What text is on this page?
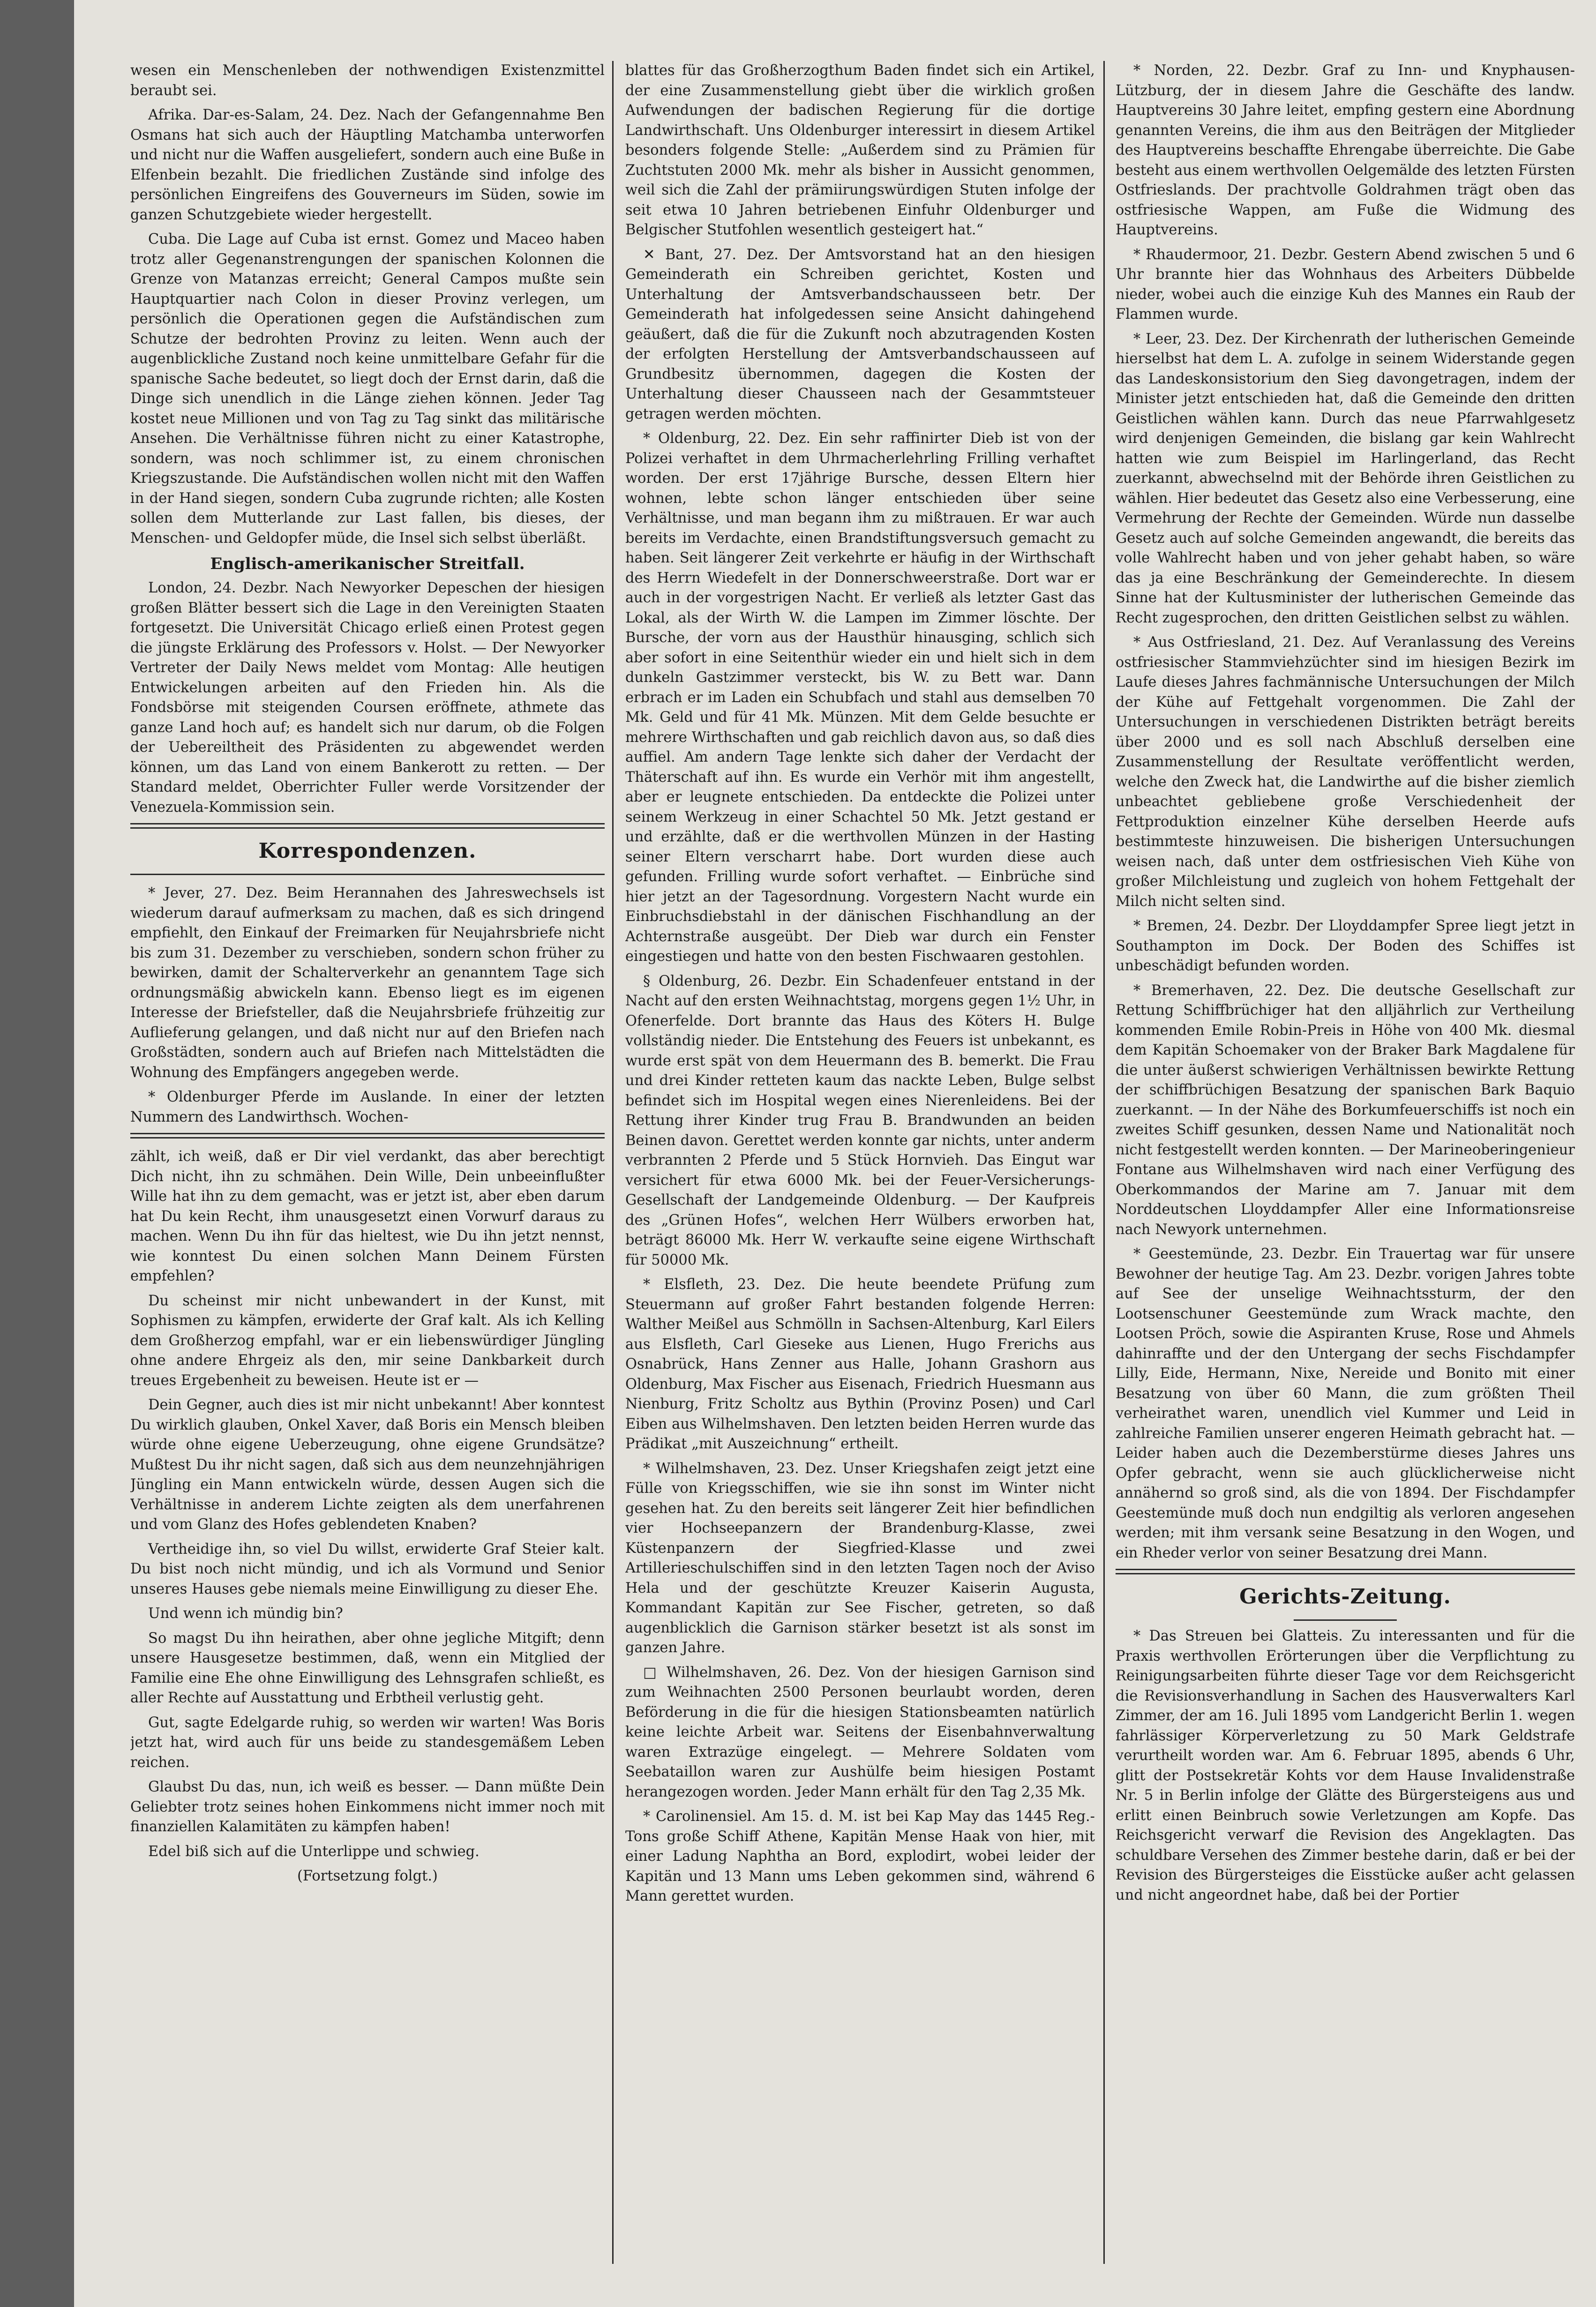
wesen ein Menschenleben der nothwendigen Existenzmittel beraubt sei.

Afrika. Dar-es-Salam, 24. Dez. Nach der Gefangennahme Ben Osmans hat sich auch der Häuptling Matchamba unterworfen und nicht nur die Waffen ausgeliefert, sondern auch eine Buße in Elfenbein bezahlt. Die friedlichen Zustände sind infolge des persönlichen Eingreifens des Gouverneurs im Süden, sowie im ganzen Schutzgebiete wieder hergestellt.

Cuba. Die Lage auf Cuba ist ernst. Gomez und Maceo haben trotz aller Gegenanstrengungen der spanischen Kolonnen die Grenze von Matanzas erreicht; General Campos mußte sein Hauptquartier nach Colon in dieser Provinz verlegen, um persönlich die Operationen gegen die Aufständischen zum Schutze der bedrohten Provinz zu leiten. Wenn auch der augenblickliche Zustand noch keine unmittelbare Gefahr für die spanische Sache bedeutet, so liegt doch der Ernst darin, daß die Dinge sich unendlich in die Länge ziehen können. Jeder Tag kostet neue Millionen und von Tag zu Tag sinkt das militärische Ansehen. Die Verhältnisse führen nicht zu einer Katastrophe, sondern, was noch schlimmer ist, zu einem chronischen Kriegszustande. Die Aufständischen wollen nicht mit den Waffen in der Hand siegen, sondern Cuba zugrunde richten; alle Kosten sollen dem Mutterlande zur Last fallen, bis dieses, der Menschen- und Geldopfer müde, die Insel sich selbst überläßt.

Englisch-amerikanischer Streitfall.

London, 24. Dezbr. Nach Newyorker Depeschen der hiesigen großen Blätter bessert sich die Lage in den Vereinigten Staaten fortgesetzt. Die Universität Chicago erließ einen Protest gegen die jüngste Erklärung des Professors v. Holst. — Der Newyorker Vertreter der Daily News meldet vom Montag: Alle heutigen Entwickelungen arbeiten auf den Frieden hin. Als die Fondsbörse mit steigenden Coursen eröffnete, athmete das ganze Land hoch auf; es handelt sich nur darum, ob die Folgen der Uebereiltheit des Präsidenten zu abgewendet werden können, um das Land von einem Bankerott zu retten. — Der Standard meldet, Oberrichter Fuller werde Vorsitzender der Venezuela-Kommission sein.

Korrespondenzen.

* Jever, 27. Dez. Beim Herannahen des Jahreswechsels ist wiederum darauf aufmerksam zu machen, daß es sich dringend empfiehlt, den Einkauf der Freimarken für Neujahrsbriefe nicht bis zum 31. Dezember zu verschieben, sondern schon früher zu bewirken, damit der Schalterverkehr an genanntem Tage sich ordnungsmäßig abwickeln kann. Ebenso liegt es im eigenen Interesse der Briefsteller, daß die Neujahrsbriefe frühzeitig zur Auflieferung gelangen, und daß nicht nur auf den Briefen nach Großstädten, sondern auch auf Briefen nach Mittelstädten die Wohnung des Empfängers angegeben werde.

* Oldenburger Pferde im Auslande. In einer der letzten Nummern des Landwirthsch. Wochen-

zählt, ich weiß, daß er Dir viel verdankt, das aber berechtigt Dich nicht, ihn zu schmähen. Dein Wille, Dein unbeeinflußter Wille hat ihn zu dem gemacht, was er jetzt ist, aber eben darum hat Du kein Recht, ihm unausgesetzt einen Vorwurf daraus zu machen. Wenn Du ihn für das hieltest, wie Du ihn jetzt nennst, wie konntest Du einen solchen Mann Deinem Fürsten empfehlen?

Du scheinst mir nicht unbewandert in der Kunst, mit Sophismen zu kämpfen, erwiderte der Graf kalt. Als ich Kelling dem Großherzog empfahl, war er ein liebenswürdiger Jüngling ohne andere Ehrgeiz als den, mir seine Dankbarkeit durch treues Ergebenheit zu beweisen. Heute ist er —

Dein Gegner, auch dies ist mir nicht unbekannt! Aber konntest Du wirklich glauben, Onkel Xaver, daß Boris ein Mensch bleiben würde ohne eigene Ueberzeugung, ohne eigene Grundsätze? Mußtest Du ihr nicht sagen, daß sich aus dem neunzehnjährigen Jüngling ein Mann entwickeln würde, dessen Augen sich die Verhältnisse in anderem Lichte zeigten als dem unerfahrenen und vom Glanz des Hofes geblendeten Knaben?

Vertheidige ihn, so viel Du willst, erwiderte Graf Steier kalt. Du bist noch nicht mündig, und ich als Vormund und Senior unseres Hauses gebe niemals meine Einwilligung zu dieser Ehe.

Und wenn ich mündig bin?

So magst Du ihn heirathen, aber ohne jegliche Mitgift; denn unsere Hausgesetze bestimmen, daß, wenn ein Mitglied der Familie eine Ehe ohne Einwilligung des Lehnsgrafen schließt, es aller Rechte auf Ausstattung und Erbtheil verlustig geht.

Gut, sagte Edelgarde ruhig, so werden wir warten! Was Boris jetzt hat, wird auch für uns beide zu standesgemäßem Leben reichen.

Glaubst Du das, nun, ich weiß es besser. — Dann müßte Dein Geliebter trotz seines hohen Einkommens nicht immer noch mit finanziellen Kalamitäten zu kämpfen haben!

Edel biß sich auf die Unterlippe und schwieg.

(Fortsetzung folgt.)

blattes für das Großherzogthum Baden findet sich ein Artikel, der eine Zusammenstellung giebt über die wirklich großen Aufwendungen der badischen Regierung für die dortige Landwirthschaft. Uns Oldenburger interessirt in diesem Artikel besonders folgende Stelle: „Außerdem sind zu Prämien für Zuchtstuten 2000 Mk. mehr als bisher in Aussicht genommen, weil sich die Zahl der prämiirungswürdigen Stuten infolge der seit etwa 10 Jahren betriebenen Einfuhr Oldenburger und Belgischer Stutfohlen wesentlich gesteigert hat.“

✕ Bant, 27. Dez. Der Amtsvorstand hat an den hiesigen Gemeinderath ein Schreiben gerichtet, Kosten und Unterhaltung der Amtsverbandschausseen betr. Der Gemeinderath hat infolgedessen seine Ansicht dahingehend geäußert, daß die für die Zukunft noch abzutragenden Kosten der erfolgten Herstellung der Amtsverbandschausseen auf Grundbesitz übernommen, dagegen die Kosten der Unterhaltung dieser Chausseen nach der Gesammtsteuer getragen werden möchten.

* Oldenburg, 22. Dez. Ein sehr raffinirter Dieb ist von der Polizei verhaftet in dem Uhrmacherlehrling Frilling verhaftet worden. Der erst 17jährige Bursche, dessen Eltern hier wohnen, lebte schon länger entschieden über seine Verhältnisse, und man begann ihm zu mißtrauen. Er war auch bereits im Verdachte, einen Brandstiftungsversuch gemacht zu haben. Seit längerer Zeit verkehrte er häufig in der Wirthschaft des Herrn Wiedefelt in der Donnerschweerstraße. Dort war er auch in der vorgestrigen Nacht. Er verließ als letzter Gast das Lokal, als der Wirth W. die Lampen im Zimmer löschte. Der Bursche, der vorn aus der Hausthür hinausging, schlich sich aber sofort in eine Seitenthür wieder ein und hielt sich in dem dunkeln Gastzimmer versteckt, bis W. zu Bett war. Dann erbrach er im Laden ein Schubfach und stahl aus demselben 70 Mk. Geld und für 41 Mk. Münzen. Mit dem Gelde besuchte er mehrere Wirthschaften und gab reichlich davon aus, so daß dies auffiel. Am andern Tage lenkte sich daher der Verdacht der Thäterschaft auf ihn. Es wurde ein Verhör mit ihm angestellt, aber er leugnete entschieden. Da entdeckte die Polizei unter seinem Werkzeug in einer Schachtel 50 Mk. Jetzt gestand er und erzählte, daß er die werthvollen Münzen in der Hasting seiner Eltern verscharrt habe. Dort wurden diese auch gefunden. Frilling wurde sofort verhaftet. — Einbrüche sind hier jetzt an der Tagesordnung. Vorgestern Nacht wurde ein Einbruchsdiebstahl in der dänischen Fischhandlung an der Achternstraße ausgeübt. Der Dieb war durch ein Fenster eingestiegen und hatte von den besten Fischwaaren gestohlen.

§ Oldenburg, 26. Dezbr. Ein Schadenfeuer entstand in der Nacht auf den ersten Weihnachtstag, morgens gegen 1½ Uhr, in Ofenerfelde. Dort brannte das Haus des Köters H. Bulge vollständig nieder. Die Entstehung des Feuers ist unbekannt, es wurde erst spät von dem Heuermann des B. bemerkt. Die Frau und drei Kinder retteten kaum das nackte Leben, Bulge selbst befindet sich im Hospital wegen eines Nierenleidens. Bei der Rettung ihrer Kinder trug Frau B. Brandwunden an beiden Beinen davon. Gerettet werden konnte gar nichts, unter anderm verbrannten 2 Pferde und 5 Stück Hornvieh. Das Eingut war versichert für etwa 6000 Mk. bei der Feuer-Versicherungs-Gesellschaft der Landgemeinde Oldenburg. — Der Kaufpreis des „Grünen Hofes“, welchen Herr Wülbers erworben hat, beträgt 86000 Mk. Herr W. verkaufte seine eigene Wirthschaft für 50000 Mk.

* Elsfleth, 23. Dez. Die heute beendete Prüfung zum Steuermann auf großer Fahrt bestanden folgende Herren: Walther Meißel aus Schmölln in Sachsen-Altenburg, Karl Eilers aus Elsfleth, Carl Gieseke aus Lienen, Hugo Frerichs aus Osnabrück, Hans Zenner aus Halle, Johann Grashorn aus Oldenburg, Max Fischer aus Eisenach, Friedrich Huesmann aus Nienburg, Fritz Scholtz aus Bythin (Provinz Posen) und Carl Eiben aus Wilhelmshaven. Den letzten beiden Herren wurde das Prädikat „mit Auszeichnung“ ertheilt.

* Wilhelmshaven, 23. Dez. Unser Kriegshafen zeigt jetzt eine Fülle von Kriegsschiffen, wie sie ihn sonst im Winter nicht gesehen hat. Zu den bereits seit längerer Zeit hier befindlichen vier Hochseepanzern der Brandenburg-Klasse, zwei Küstenpanzern der Siegfried-Klasse und zwei Artillerieschulschiffen sind in den letzten Tagen noch der Aviso Hela und der geschützte Kreuzer Kaiserin Augusta, Kommandant Kapitän zur See Fischer, getreten, so daß augenblicklich die Garnison stärker besetzt ist als sonst im ganzen Jahre.

□ Wilhelmshaven, 26. Dez. Von der hiesigen Garnison sind zum Weihnachten 2500 Personen beurlaubt worden, deren Beförderung in die für die hiesigen Stationsbeamten natürlich keine leichte Arbeit war. Seitens der Eisenbahnverwaltung waren Extrazüge eingelegt. — Mehrere Soldaten vom Seebataillon waren zur Aushülfe beim hiesigen Postamt herangezogen worden. Jeder Mann erhält für den Tag 2,35 Mk.

* Carolinensiel. Am 15. d. M. ist bei Kap May das 1445 Reg.-Tons große Schiff Athene, Kapitän Mense Haak von hier, mit einer Ladung Naphtha an Bord, explodirt, wobei leider der Kapitän und 13 Mann ums Leben gekommen sind, während 6 Mann gerettet wurden.

* Norden, 22. Dezbr. Graf zu Inn- und Knyphausen-Lützburg, der in diesem Jahre die Geschäfte des landw. Hauptvereins 30 Jahre leitet, empfing gestern eine Abordnung genannten Vereins, die ihm aus den Beiträgen der Mitglieder des Hauptvereins beschaffte Ehrengabe überreichte. Die Gabe besteht aus einem werthvollen Oelgemälde des letzten Fürsten Ostfrieslands. Der prachtvolle Goldrahmen trägt oben das ostfriesische Wappen, am Fuße die Widmung des Hauptvereins.

* Rhaudermoor, 21. Dezbr. Gestern Abend zwischen 5 und 6 Uhr brannte hier das Wohnhaus des Arbeiters Dübbelde nieder, wobei auch die einzige Kuh des Mannes ein Raub der Flammen wurde.

* Leer, 23. Dez. Der Kirchenrath der lutherischen Gemeinde hierselbst hat dem L. A. zufolge in seinem Widerstande gegen das Landeskonsistorium den Sieg davongetragen, indem der Minister jetzt entschieden hat, daß die Gemeinde den dritten Geistlichen wählen kann. Durch das neue Pfarrwahlgesetz wird denjenigen Gemeinden, die bislang gar kein Wahlrecht hatten wie zum Beispiel im Harlingerland, das Recht zuerkannt, abwechselnd mit der Behörde ihren Geistlichen zu wählen. Hier bedeutet das Gesetz also eine Verbesserung, eine Vermehrung der Rechte der Gemeinden. Würde nun dasselbe Gesetz auch auf solche Gemeinden angewandt, die bereits das volle Wahlrecht haben und von jeher gehabt haben, so wäre das ja eine Beschränkung der Gemeinderechte. In diesem Sinne hat der Kultusminister der lutherischen Gemeinde das Recht zugesprochen, den dritten Geistlichen selbst zu wählen.

* Aus Ostfriesland, 21. Dez. Auf Veranlassung des Vereins ostfriesischer Stammviehzüchter sind im hiesigen Bezirk im Laufe dieses Jahres fachmännische Untersuchungen der Milch der Kühe auf Fettgehalt vorgenommen. Die Zahl der Untersuchungen in verschiedenen Distrikten beträgt bereits über 2000 und es soll nach Abschluß derselben eine Zusammenstellung der Resultate veröffentlicht werden, welche den Zweck hat, die Landwirthe auf die bisher ziemlich unbeachtet gebliebene große Verschiedenheit der Fettproduktion einzelner Kühe derselben Heerde aufs bestimmteste hinzuweisen. Die bisherigen Untersuchungen weisen nach, daß unter dem ostfriesischen Vieh Kühe von großer Milchleistung und zugleich von hohem Fettgehalt der Milch nicht selten sind.

* Bremen, 24. Dezbr. Der Lloyddampfer Spree liegt jetzt in Southampton im Dock. Der Boden des Schiffes ist unbeschädigt befunden worden.

* Bremerhaven, 22. Dez. Die deutsche Gesellschaft zur Rettung Schiffbrüchiger hat den alljährlich zur Vertheilung kommenden Emile Robin-Preis in Höhe von 400 Mk. diesmal dem Kapitän Schoemaker von der Braker Bark Magdalene für die unter äußerst schwierigen Verhältnissen bewirkte Rettung der schiffbrüchigen Besatzung der spanischen Bark Baquio zuerkannt. — In der Nähe des Borkumfeuerschiffs ist noch ein zweites Schiff gesunken, dessen Name und Nationalität noch nicht festgestellt werden konnten. — Der Marineoberingenieur Fontane aus Wilhelmshaven wird nach einer Verfügung des Oberkommandos der Marine am 7. Januar mit dem Norddeutschen Lloyddampfer Aller eine Informationsreise nach Newyork unternehmen.

* Geestemünde, 23. Dezbr. Ein Trauertag war für unsere Bewohner der heutige Tag. Am 23. Dezbr. vorigen Jahres tobte auf See der unselige Weihnachtssturm, der den Lootsenschuner Geestemünde zum Wrack machte, den Lootsen Pröch, sowie die Aspiranten Kruse, Rose und Ahmels dahinraffte und der den Untergang der sechs Fischdampfer Lilly, Eide, Hermann, Nixe, Nereide und Bonito mit einer Besatzung von über 60 Mann, die zum größten Theil verheirathet waren, unendlich viel Kummer und Leid in zahlreiche Familien unserer engeren Heimath gebracht hat. — Leider haben auch die Dezemberstürme dieses Jahres uns Opfer gebracht, wenn sie auch glücklicherweise nicht annähernd so groß sind, als die von 1894. Der Fischdampfer Geestemünde muß doch nun endgiltig als verloren angesehen werden; mit ihm versank seine Besatzung in den Wogen, und ein Rheder verlor von seiner Besatzung drei Mann.

Gerichts-Zeitung.

* Das Streuen bei Glatteis. Zu interessanten und für die Praxis werthvollen Erörterungen über die Verpflichtung zu Reinigungsarbeiten führte dieser Tage vor dem Reichsgericht die Revisionsverhandlung in Sachen des Hausverwalters Karl Zimmer, der am 16. Juli 1895 vom Landgericht Berlin 1. wegen fahrlässiger Körperverletzung zu 50 Mark Geldstrafe verurtheilt worden war. Am 6. Februar 1895, abends 6 Uhr, glitt der Postsekretär Kohts vor dem Hause Invalidenstraße Nr. 5 in Berlin infolge der Glätte des Bürgersteigens aus und erlitt einen Beinbruch sowie Verletzungen am Kopfe. Das Reichsgericht verwarf die Revision des Angeklagten. Das schuldbare Versehen des Zimmer bestehe darin, daß er bei der Revision des Bürgersteiges die Eisstücke außer acht gelassen und nicht angeordnet habe, daß bei der Portier
